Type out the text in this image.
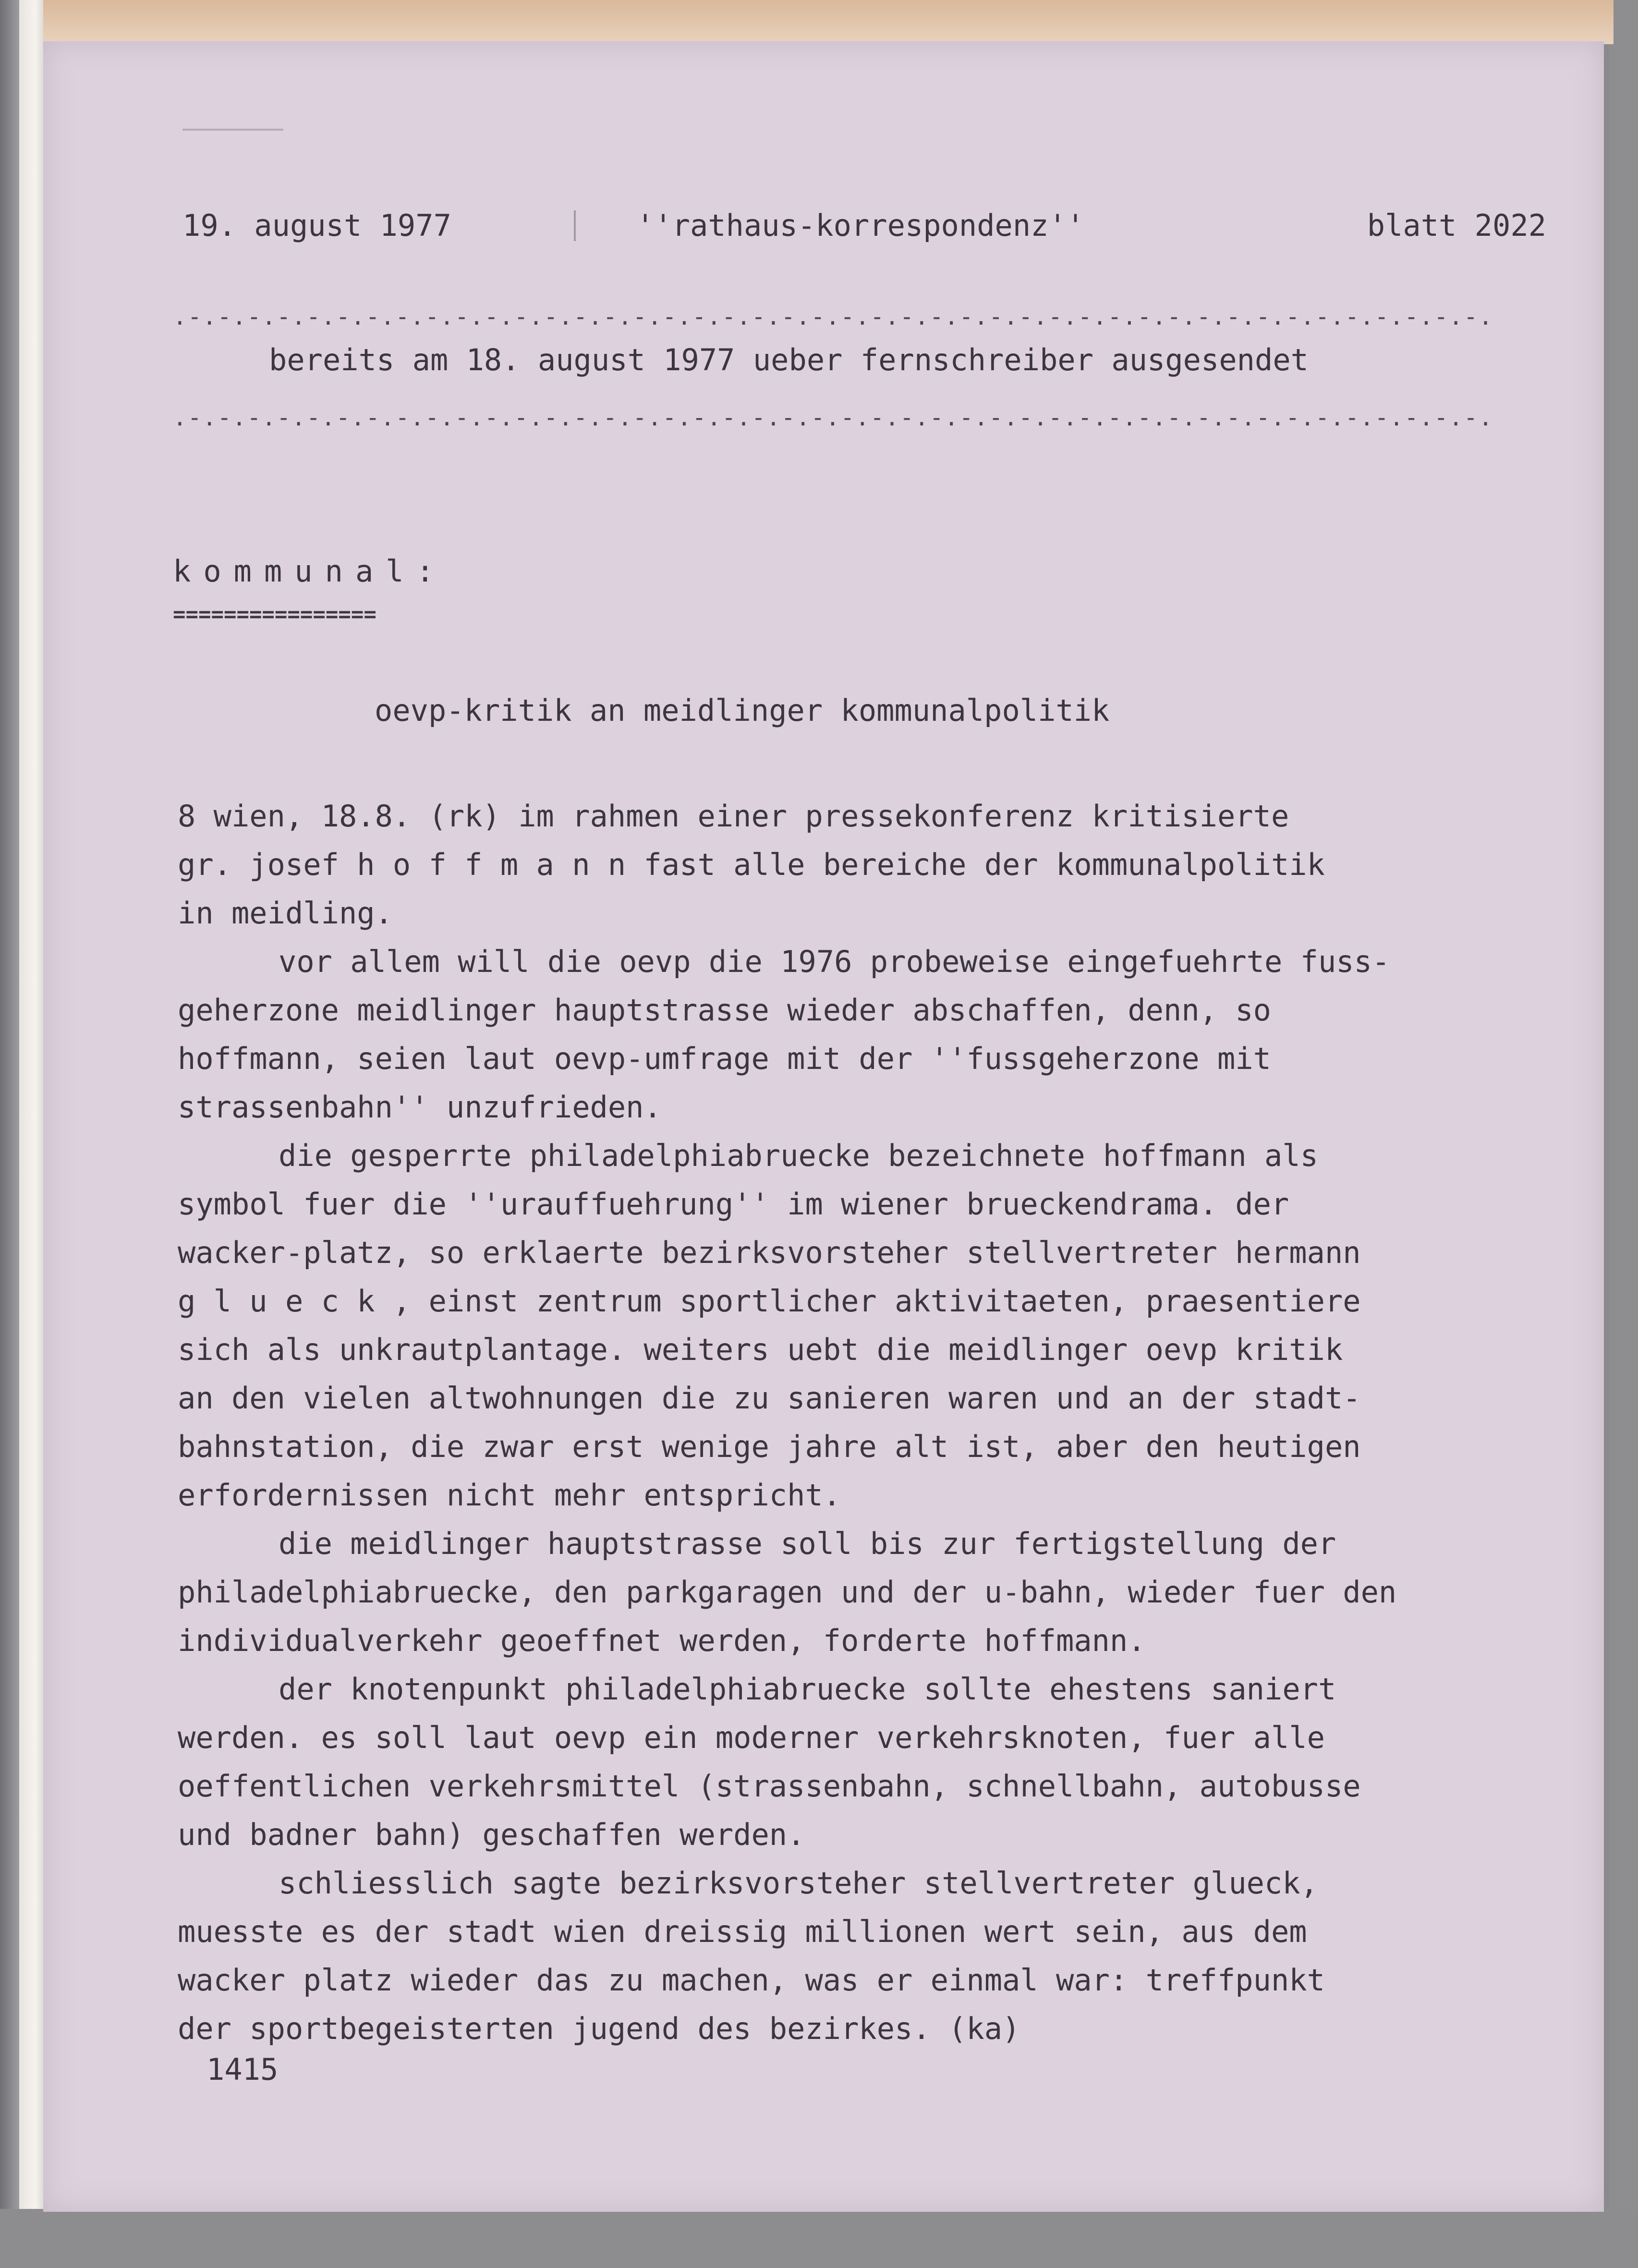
19. august 1977	''rathaus-korrespondenz''	blatt 2022
.-.-.-.-.-.-.-.-.-.-.-.-.-.-.-.-.-.-.-.-.-.-.-.-.-.-.-.-.-.-.-.-.-.-.-.-.-.-.-.-.-.-.-.-.
bereits am 18. august 1977 ueber fernschreiber ausgesendet
.-.-.-.-.-.-.-.-.-.-.-.-.-.-.-.-.-.-.-.-.-.-.-.-.-.-.-.-.-.-.-.-.-.-.-.-.-.-.-.-.-.-.-.-.
kommunal:
================
oevp-kritik an meidlinger kommunalpolitik
8 wien, 18.8. (rk) im rahmen einer pressekonferenz kritisierte
gr. josef h o f f m a n n fast alle bereiche der kommunalpolitik
in meidling.
vor allem will die oevp die 1976 probeweise eingefuehrte fuss-
geherzone meidlinger hauptstrasse wieder abschaffen, denn, so
hoffmann, seien laut oevp-umfrage mit der ''fussgeherzone mit
strassenbahn'' unzufrieden.
die gesperrte philadelphiabruecke bezeichnete hoffmann als
symbol fuer die ''urauffuehrung'' im wiener brueckendrama. der
wacker-platz, so erklaerte bezirksvorsteher stellvertreter hermann
g l u e c k , einst zentrum sportlicher aktivitaeten, praesentiere
sich als unkrautplantage. weiters uebt die meidlinger oevp kritik
an den vielen altwohnungen die zu sanieren waren und an der stadt-
bahnstation, die zwar erst wenige jahre alt ist, aber den heutigen
erfordernissen nicht mehr entspricht.
die meidlinger hauptstrasse soll bis zur fertigstellung der
philadelphiabruecke, den parkgaragen und der u-bahn, wieder fuer den
individualverkehr geoeffnet werden, forderte hoffmann.
der knotenpunkt philadelphiabruecke sollte ehestens saniert
werden. es soll laut oevp ein moderner verkehrsknoten, fuer alle
oeffentlichen verkehrsmittel (strassenbahn, schnellbahn, autobusse
und badner bahn) geschaffen werden.
schliesslich sagte bezirksvorsteher stellvertreter glueck,
muesste es der stadt wien dreissig millionen wert sein, aus dem
wacker platz wieder das zu machen, was er einmal war: treffpunkt
der sportbegeisterten jugend des bezirkes. (ka)
1415
